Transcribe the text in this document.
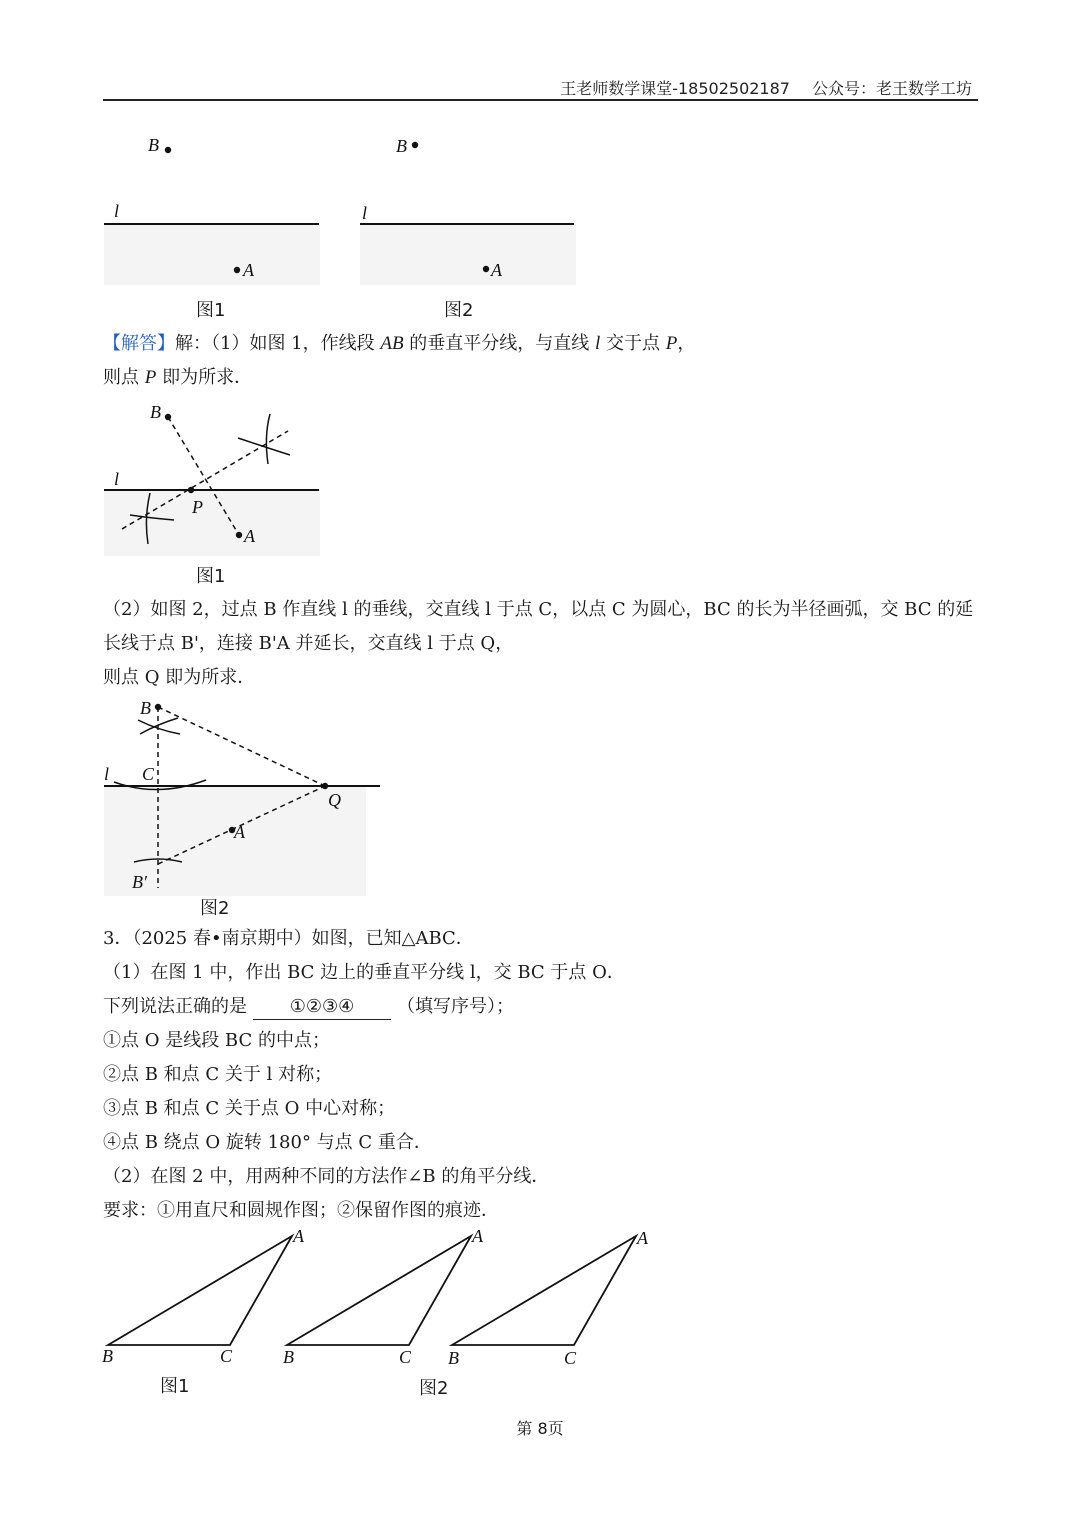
王老师数学课堂-18502502187 公众号：老王数学工坊
B
l
A
图1
B
l
A
图2
【解答】解：（1）如图 1，作线段 AB 的垂直平分线，与直线 l 交于点 P，
则点 P 即为所求．
B
l
P
A
图1
（2）如图 2，过点 B 作直线 l 的垂线，交直线 l 于点 C，以点 C 为圆心，BC 的长为半径画弧，交 BC 的延
长线于点 B'，连接 B'A 并延长，交直线 l 于点 Q，
则点 Q 即为所求．
B
l C
Q
A
B′
图2
3．（2025 春•南京期中）如图，已知△ABC．
（1）在图 1 中，作出 BC 边上的垂直平分线 l，交 BC 于点 O．
下列说法正确的是 ①②③④ （填写序号）；
①点 O 是线段 BC 的中点；
②点 B 和点 C 关于 l 对称；
③点 B 和点 C 关于点 O 中心对称；
④点 B 绕点 O 旋转 180° 与点 C 重合．
（2）在图 2 中，用两种不同的方法作∠B 的角平分线．
要求：①用直尺和圆规作图；②保留作图的痕迹．
A
B	C
A
B	C
A
B	C
图1	图2
第 8页
